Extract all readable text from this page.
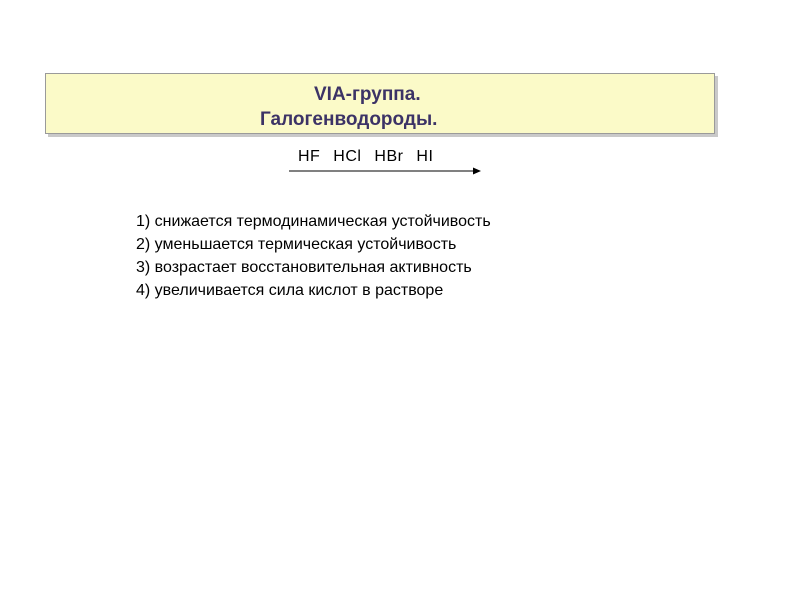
VIA-группа.
Галогенводороды.
HF HCl HBr HI
1) снижается термодинамическая устойчивость
2) уменьшается термическая устойчивость
3) возрастает восстановительная активность
4) увеличивается сила кислот в растворе
